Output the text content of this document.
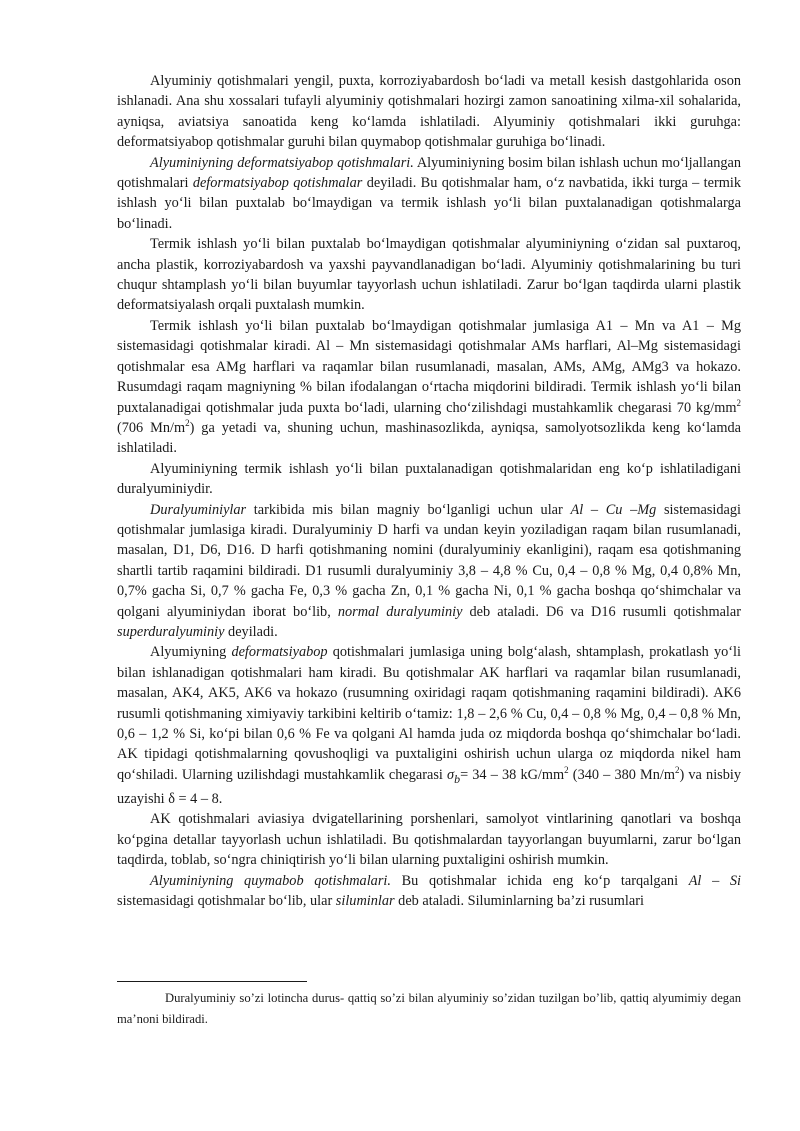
Alyuminiy qotishmalari yengil, puxta, korroziyabardosh bo‘ladi va metall kesish dastgohlarida oson ishlanadi. Ana shu xossalari tufayli alyuminiy qotishmalari hozirgi zamon sanoatining xilma-xil sohalarida, ayniqsa, aviatsiya sanoatida keng ko‘lamda ishlatiladi. Alyuminiy qotishmalari ikki guruhga: deformatsiyabop qotishmalar guruhi bilan quymabop qotishmalar guruhiga bo‘linadi.

Alyuminiyning deformatsiyabop qotishmalari. Alyuminiyning bosim bilan ishlash uchun mo‘ljallangan qotishmalari deformatsiyabop qotishmalar deyiladi. Bu qotishmalar ham, o‘z navbatida, ikki turga – termik ishlash yo‘li bilan puxtalab bo‘lmaydigan va termik ishlash yo‘li bilan puxtalanadigan qotishmalarga bo‘linadi.

Termik ishlash yo‘li bilan puxtalab bo‘lmaydigan qotishmalar alyuminiyning o‘zidan sal puxtaroq, ancha plastik, korroziyabardosh va yaxshi payvandlanadigan bo‘ladi. Alyuminiy qotishmalarining bu turi chuqur shtamplash yo‘li bilan buyumlar tayyorlash uchun ishlatiladi. Zarur bo‘lgan taqdirda ularni plastik deformatsiyalash orqali puxtalash mumkin.

Termik ishlash yo‘li bilan puxtalab bo‘lmaydigan qotishmalar jumlasiga A1 – Mn va A1 – Mg sistemasidagi qotishmalar kiradi. Al – Mn sistemasidagi qotishmalar AMs harflari, Al–Mg sistemasidagi qotishmalar esa AMg harflari va raqamlar bilan rusumlanadi, masalan, AMs, AMg, AMg3 va hokazo. Rusumdagi raqam magniyning % bilan ifodalangan o‘rtacha miqdorini bildiradi. Termik ishlash yo‘li bilan puxtalanadigai qotishmalar juda puxta bo‘ladi, ularning cho‘zilishdagi mustahkamlik chegarasi 70 $kg/mm^2$ (706 $Mn/m^2$) ga yetadi va, shuning uchun, mashinasozlikda, ayniqsa, samolyotsozlikda keng ko‘lamda ishlatiladi.

Alyuminiyning termik ishlash yo‘li bilan puxtalanadigan qotishmalaridan eng ko‘p ishlatiladigani duralyuminiydir.

Duralyuminiylar tarkibida mis bilan magniy bo‘lganligi uchun ular Al – Cu –Mg sistemasidagi qotishmalar jumlasiga kiradi. Duralyuminiy D harfi va undan keyin yoziladigan raqam bilan rusumlanadi, masalan, D1, D6, D16. D harfi qotishmaning nomini (duralyuminiy ekanligini), raqam esa qotishmaning shartli tartib raqamini bildiradi. D1 rusumli duralyuminiy 3,8 – 4,8 % Cu, 0,4 – 0,8 % Mg, 0,4 0,8% Mn, 0,7% gacha Si, 0,7 % gacha Fe, 0,3 % gacha Zn, 0,1 % gacha Ni, 0,1 % gacha boshqa qo‘shimchalar va qolgani alyuminiydan iborat bo‘lib, normal duralyuminiy deb ataladi. D6 va D16 rusumli qotishmalar superduralyuminiy deyiladi.

Alyumiyning deformatsiyabop qotishmalari jumlasiga uning bolg‘alash, shtamplash, prokatlash yo‘li bilan ishlanadigan qotishmalari ham kiradi. Bu qotishmalar AK harflari va raqamlar bilan rusumlanadi, masalan, AK4, AK5, AK6 va hokazo (rusumning oxiridagi raqam qotishmaning raqamini bildiradi). AK6 rusumli qotishmaning ximiyaviy tarkibini keltirib o‘tamiz: 1,8 – 2,6 % Cu, 0,4 – 0,8 % Mg, 0,4 – 0,8 % Mn, 0,6 – 1,2 % Si, ko‘pi bilan 0,6 % Fe va qolgani Al hamda juda oz miqdorda boshqa qo‘shimchalar bo‘ladi. AK tipidagi qotishmalarning qovushoqligi va puxtaligini oshirish uchun ularga oz miqdorda nikel ham qo‘shiladi. Ularning uzilishdagi mustahkamlik chegarasi $\sigma_b= 34 - 38$ $kG/mm^2$ (340 – 380 $Mn/m^2$) va nisbiy uzayishi δ = 4 – 8.

AK qotishmalari aviasiya dvigatellarining porshenlari, samolyot vintlarining qanotlari va boshqa ko‘pgina detallar tayyorlash uchun ishlatiladi. Bu qotishmalardan tayyorlangan buyumlarni, zarur bo‘lgan taqdirda, toblab, so‘ngra chiniqtirish yo‘li bilan ularning puxtaligini oshirish mumkin.

Alyuminiyning quymabob qotishmalari. Bu qotishmalar ichida eng ko‘p tarqalgani Al – Si sistemasidagi qotishmalar bo‘lib, ular siluminlar deb ataladi. Siluminlarning ba’zi rusumlari

Duralyuminiy so’zi lotincha durus- qattiq so’zi bilan alyuminiy so’zidan tuzilgan bo’lib, qattiq alyumimiy degan ma’noni bildiradi.
